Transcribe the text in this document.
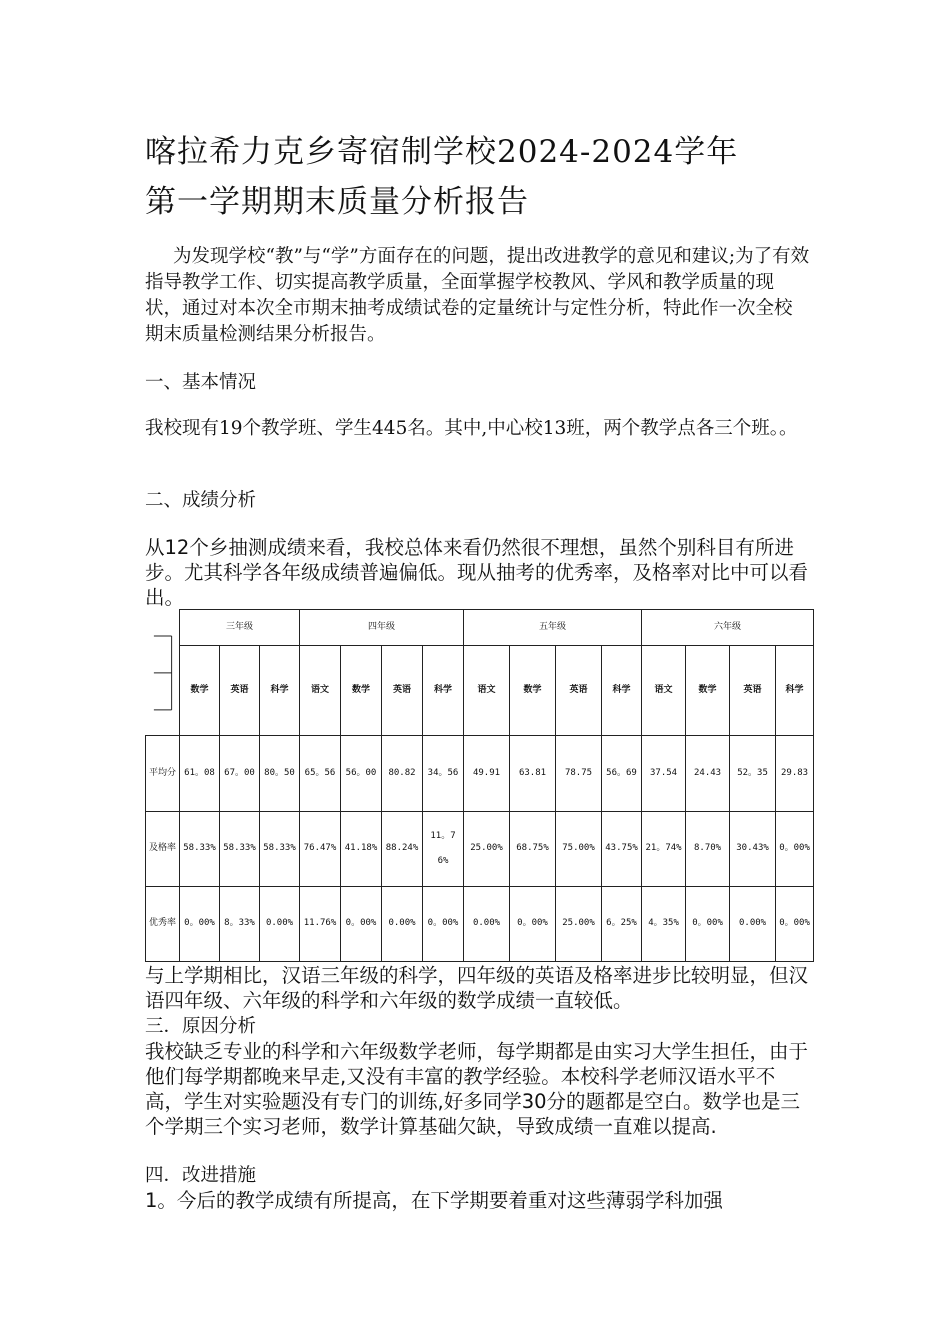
喀拉希力克乡寄宿制学校2024-2024学年
第一学期期末质量分析报告
为发现学校“教”与“学”方面存在的问题，提出改进教学的意见和建议;为了有效指导教学工作、切实提高教学质量，全面掌握学校教风、学风和教学质量的现状，通过对本次全市期末抽考成绩试卷的定量统计与定性分析，特此作一次全校期末质量检测结果分析报告。
一、基本情况
我校现有19个教学班、学生445名。其中,中心校13班，两个教学点各三个班。。
二、成绩分析
从12个乡抽测成绩来看，我校总体来看仍然很不理想，虽然个别科目有所进步。尤其科学各年级成绩普遍偏低。现从抽考的优秀率，及格率对比中可以看出。
	三年级			四年级				五年级				六年级			
	数学	英语	科学	语文	数学	英语	科学	语文	数学	英语	科学	语文	数学	英语	科学
平均分	61。08	67。00	80。50	65。56	56。00	80.82	34。56	49.91	63.81	78.75	56。69	37.54	24.43	52。35	29.83
及格率	58.33%	58.33%	58.33%	76.47%	41.18%	88.24%	11。76%	25.00%	68.75%	75.00%	43.75%	21。74%	8.70%	30.43%	0。00%
优秀率	0。00%	8。33%	0.00%	11.76%	0。00%	0.00%	0。00%	0.00%	0。00%	25.00%	6。25%	4。35%	0。00%	0.00%	0。00%
与上学期相比，汉语三年级的科学，四年级的英语及格率进步比较明显，但汉语四年级、六年级的科学和六年级的数学成绩一直较低。
三．原因分析
我校缺乏专业的科学和六年级数学老师，每学期都是由实习大学生担任，由于他们每学期都晚来早走,又没有丰富的教学经验。本校科学老师汉语水平不高，学生对实验题没有专门的训练,好多同学30分的题都是空白。数学也是三个学期三个实习老师，数学计算基础欠缺，导致成绩一直难以提高.
四．改进措施
1。今后的教学成绩有所提高，在下学期要着重对这些薄弱学科加强
